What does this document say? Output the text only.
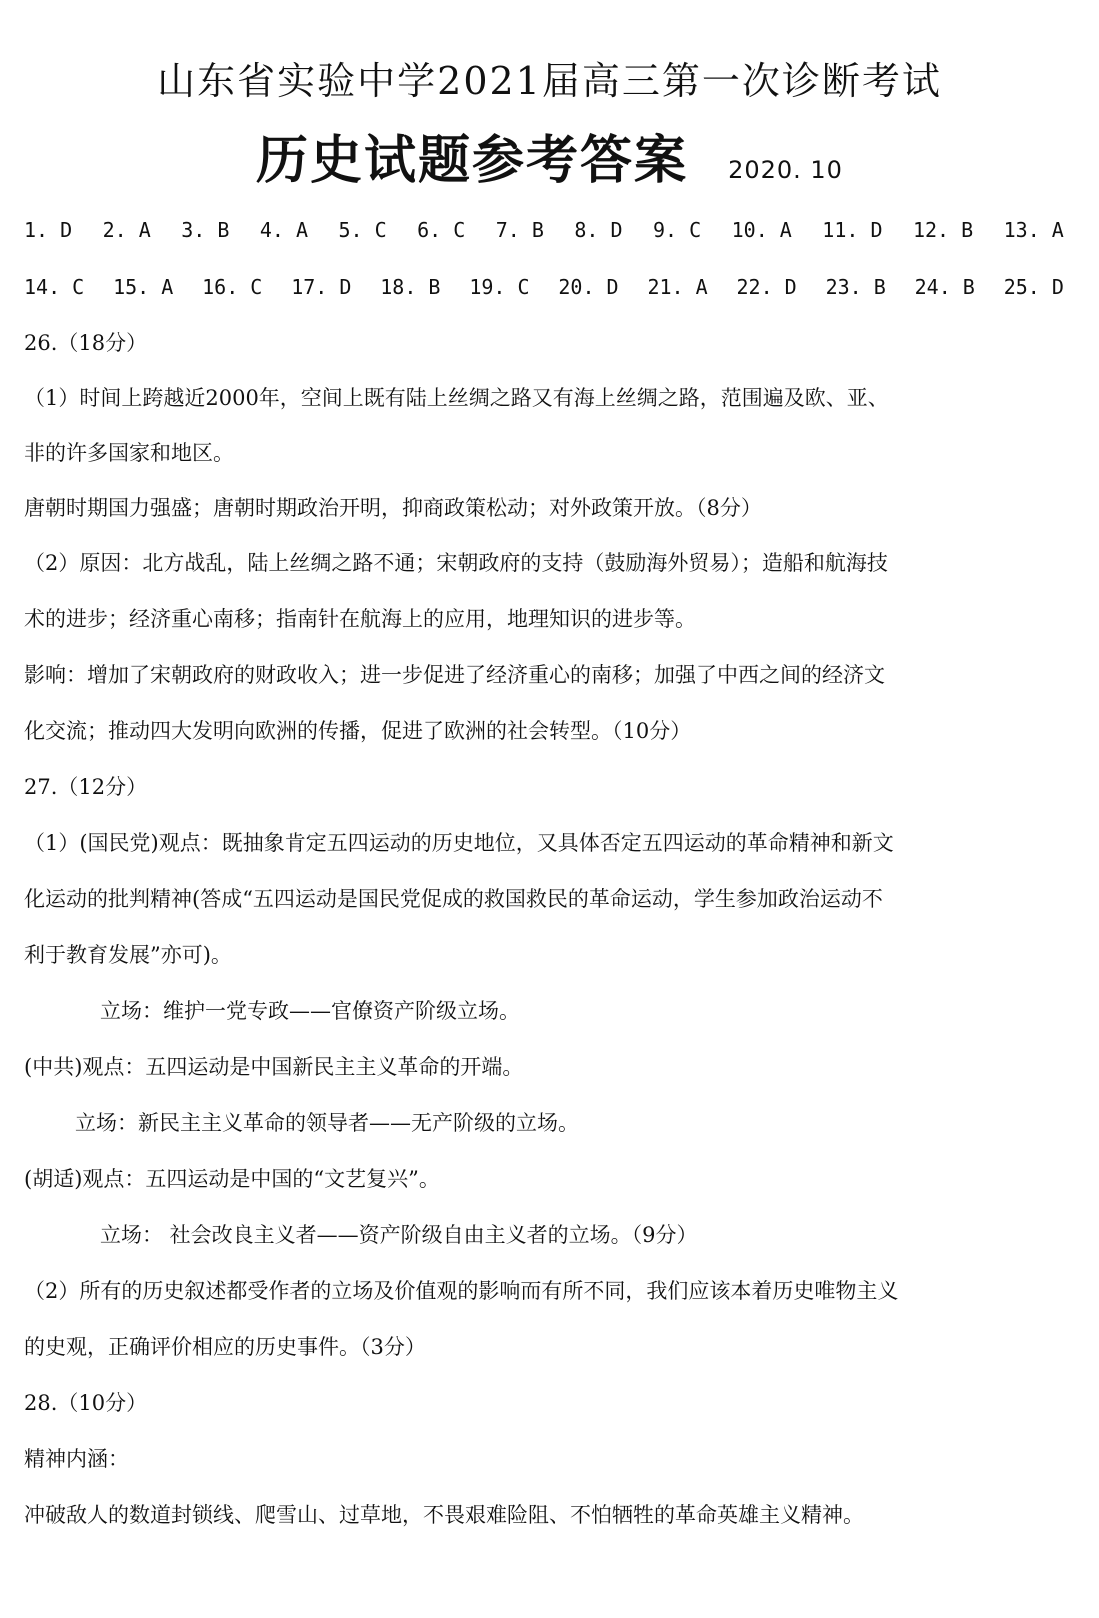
山东省实验中学2021届高三第一次诊断考试
历史试题参考答案 2020. 10
1. D 2. A 3. B 4. A 5. C 6. C 7. B 8. D 9. C 10. A 11. D 12. B 13. A
14. C 15. A 16. C 17. D 18. B 19. C 20. D 21. A 22. D 23. B 24. B 25. D
26.（18分）
（1）时间上跨越近2000年，空间上既有陆上丝绸之路又有海上丝绸之路，范围遍及欧、亚、
非的许多国家和地区。
唐朝时期国力强盛；唐朝时期政治开明，抑商政策松动；对外政策开放。（8分）
（2）原因：北方战乱，陆上丝绸之路不通；宋朝政府的支持（鼓励海外贸易）；造船和航海技
术的进步；经济重心南移；指南针在航海上的应用，地理知识的进步等。
影响：增加了宋朝政府的财政收入；进一步促进了经济重心的南移；加强了中西之间的经济文
化交流；推动四大发明向欧洲的传播，促进了欧洲的社会转型。（10分）
27.（12分）
（1）(国民党)观点：既抽象肯定五四运动的历史地位，又具体否定五四运动的革命精神和新文
化运动的批判精神(答成“五四运动是国民党促成的救国救民的革命运动，学生参加政治运动不
利于教育发展”亦可)。
立场：维护一党专政——官僚资产阶级立场。
(中共)观点：五四运动是中国新民主主义革命的开端。
立场：新民主主义革命的领导者——无产阶级的立场。
(胡适)观点：五四运动是中国的“文艺复兴”。
立场： 社会改良主义者——资产阶级自由主义者的立场。（9分）
（2）所有的历史叙述都受作者的立场及价值观的影响而有所不同，我们应该本着历史唯物主义
的史观，正确评价相应的历史事件。（3分）
28.（10分）
精神内涵：
冲破敌人的数道封锁线、爬雪山、过草地，不畏艰难险阻、不怕牺牲的革命英雄主义精神。
